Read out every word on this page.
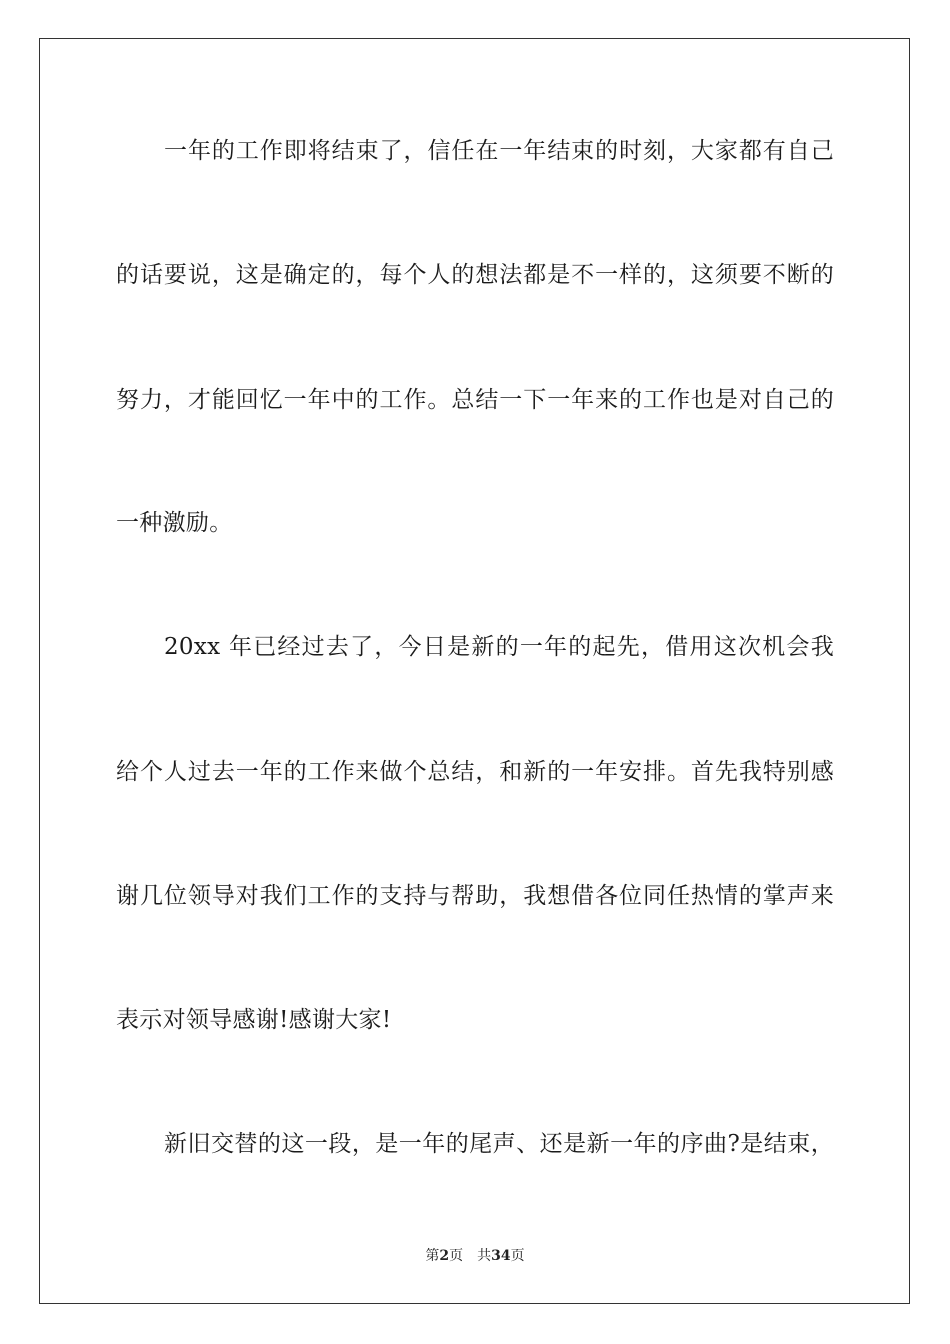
一年的工作即将结束了，信任在一年结束的时刻，大家都有自己
的话要说，这是确定的，每个人的想法都是不一样的，这须要不断的
努力，才能回忆一年中的工作。总结一下一年来的工作也是对自己的
一种激励。
20xx 年已经过去了，今日是新的一年的起先，借用这次机会我
给个人过去一年的工作来做个总结，和新的一年安排。首先我特别感
谢几位领导对我们工作的支持与帮助，我想借各位同任热情的掌声来
表示对领导感谢!感谢大家!
新旧交替的这一段，是一年的尾声、还是新一年的序曲?是结束，
第2页 共34页
